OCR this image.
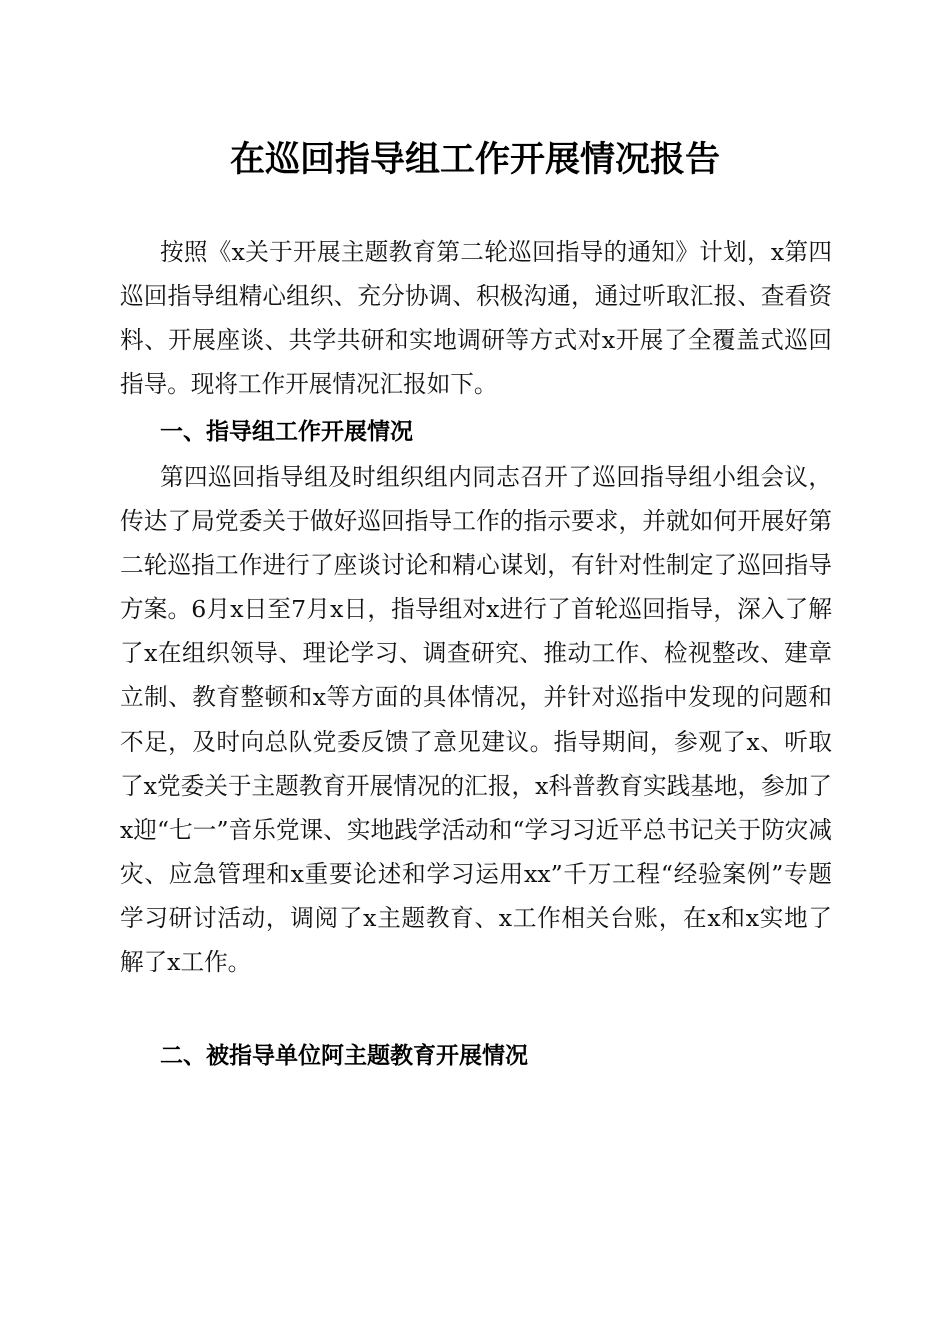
在巡回指导组工作开展情况报告

按照《x关于开展主题教育第二轮巡回指导的通知》计划，x第四巡回指导组精心组织、充分协调、积极沟通，通过听取汇报、查看资料、开展座谈、共学共研和实地调研等方式对x开展了全覆盖式巡回指导。现将工作开展情况汇报如下。

一、指导组工作开展情况

第四巡回指导组及时组织组内同志召开了巡回指导组小组会议，传达了局党委关于做好巡回指导工作的指示要求，并就如何开展好第二轮巡指工作进行了座谈讨论和精心谋划，有针对性制定了巡回指导方案。6月x日至7月x日，指导组对x进行了首轮巡回指导，深入了解了x在组织领导、理论学习、调查研究、推动工作、检视整改、建章立制、教育整顿和x等方面的具体情况，并针对巡指中发现的问题和不足，及时向总队党委反馈了意见建议。指导期间，参观了x、听取了x党委关于主题教育开展情况的汇报，x科普教育实践基地，参加了x迎“七一”音乐党课、实地践学活动和“学习习近平总书记关于防灾减灾、应急管理和x重要论述和学习运用xx”千万工程“经验案例”专题学习研讨活动，调阅了x主题教育、x工作相关台账，在x和x实地了解了x工作。

二、被指导单位阿主题教育开展情况
